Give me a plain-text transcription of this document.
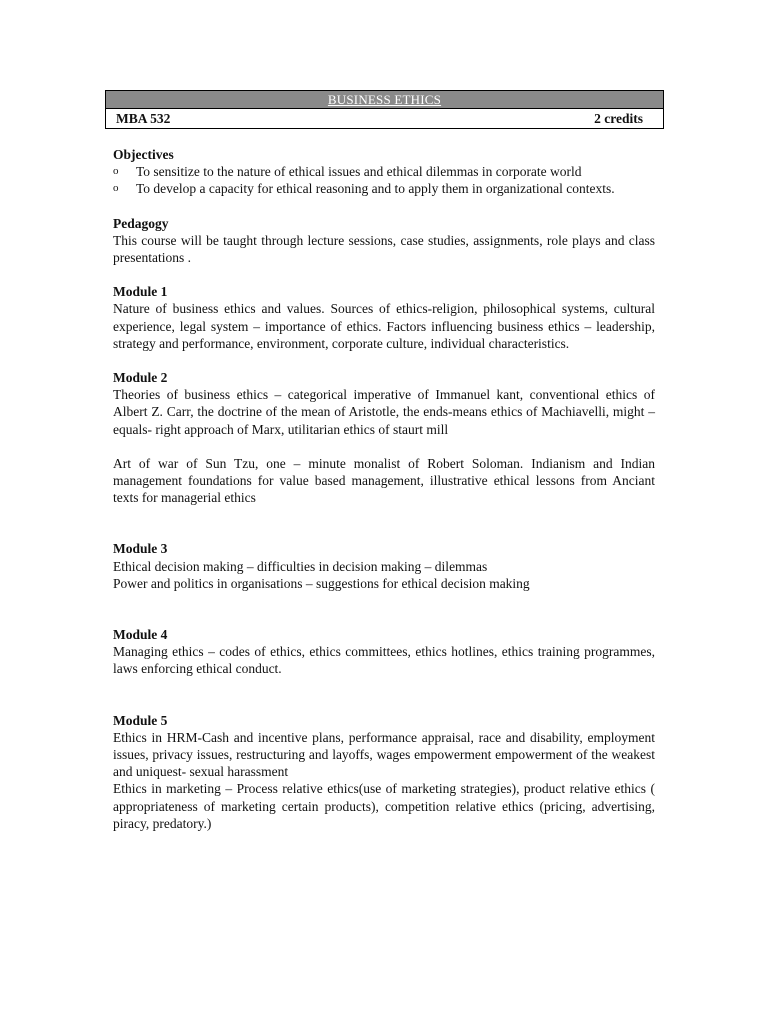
BUSINESS ETHICS
MBA 532	2 credits

Objectives

o To sensitize to the nature of ethical issues and ethical dilemmas in corporate world
o To develop a capacity for ethical reasoning and to apply them in organizational contexts.

Pedagogy

This course will be taught through lecture sessions, case studies, assignments, role plays and class presentations .

Module 1

Nature of business ethics and values. Sources of ethics-religion, philosophical systems, cultural experience, legal system – importance of ethics. Factors influencing business ethics – leadership, strategy and performance, environment, corporate culture, individual characteristics.

Module 2

Theories of business ethics – categorical imperative of Immanuel kant, conventional ethics of Albert Z. Carr, the doctrine of the mean of Aristotle, the ends-means ethics of Machiavelli, might –equals- right approach of Marx, utilitarian ethics of staurt mill

Art of war of Sun Tzu, one – minute monalist of Robert Soloman. Indianism and Indian management foundations for value based management, illustrative ethical lessons from Anciant texts for managerial ethics

Module 3

Ethical decision making – difficulties in decision making – dilemmas

Power and politics in organisations – suggestions for ethical decision making

Module 4

Managing ethics – codes of ethics, ethics committees, ethics hotlines, ethics training programmes, laws enforcing ethical conduct.

Module 5

Ethics in HRM-Cash and incentive plans, performance appraisal, race and disability, employment issues, privacy issues, restructuring and layoffs, wages empowerment empowerment of the weakest and uniquest- sexual harassment

Ethics in marketing – Process relative ethics(use of marketing strategies), product relative ethics ( appropriateness of marketing certain products), competition relative ethics (pricing, advertising, piracy, predatory.)
